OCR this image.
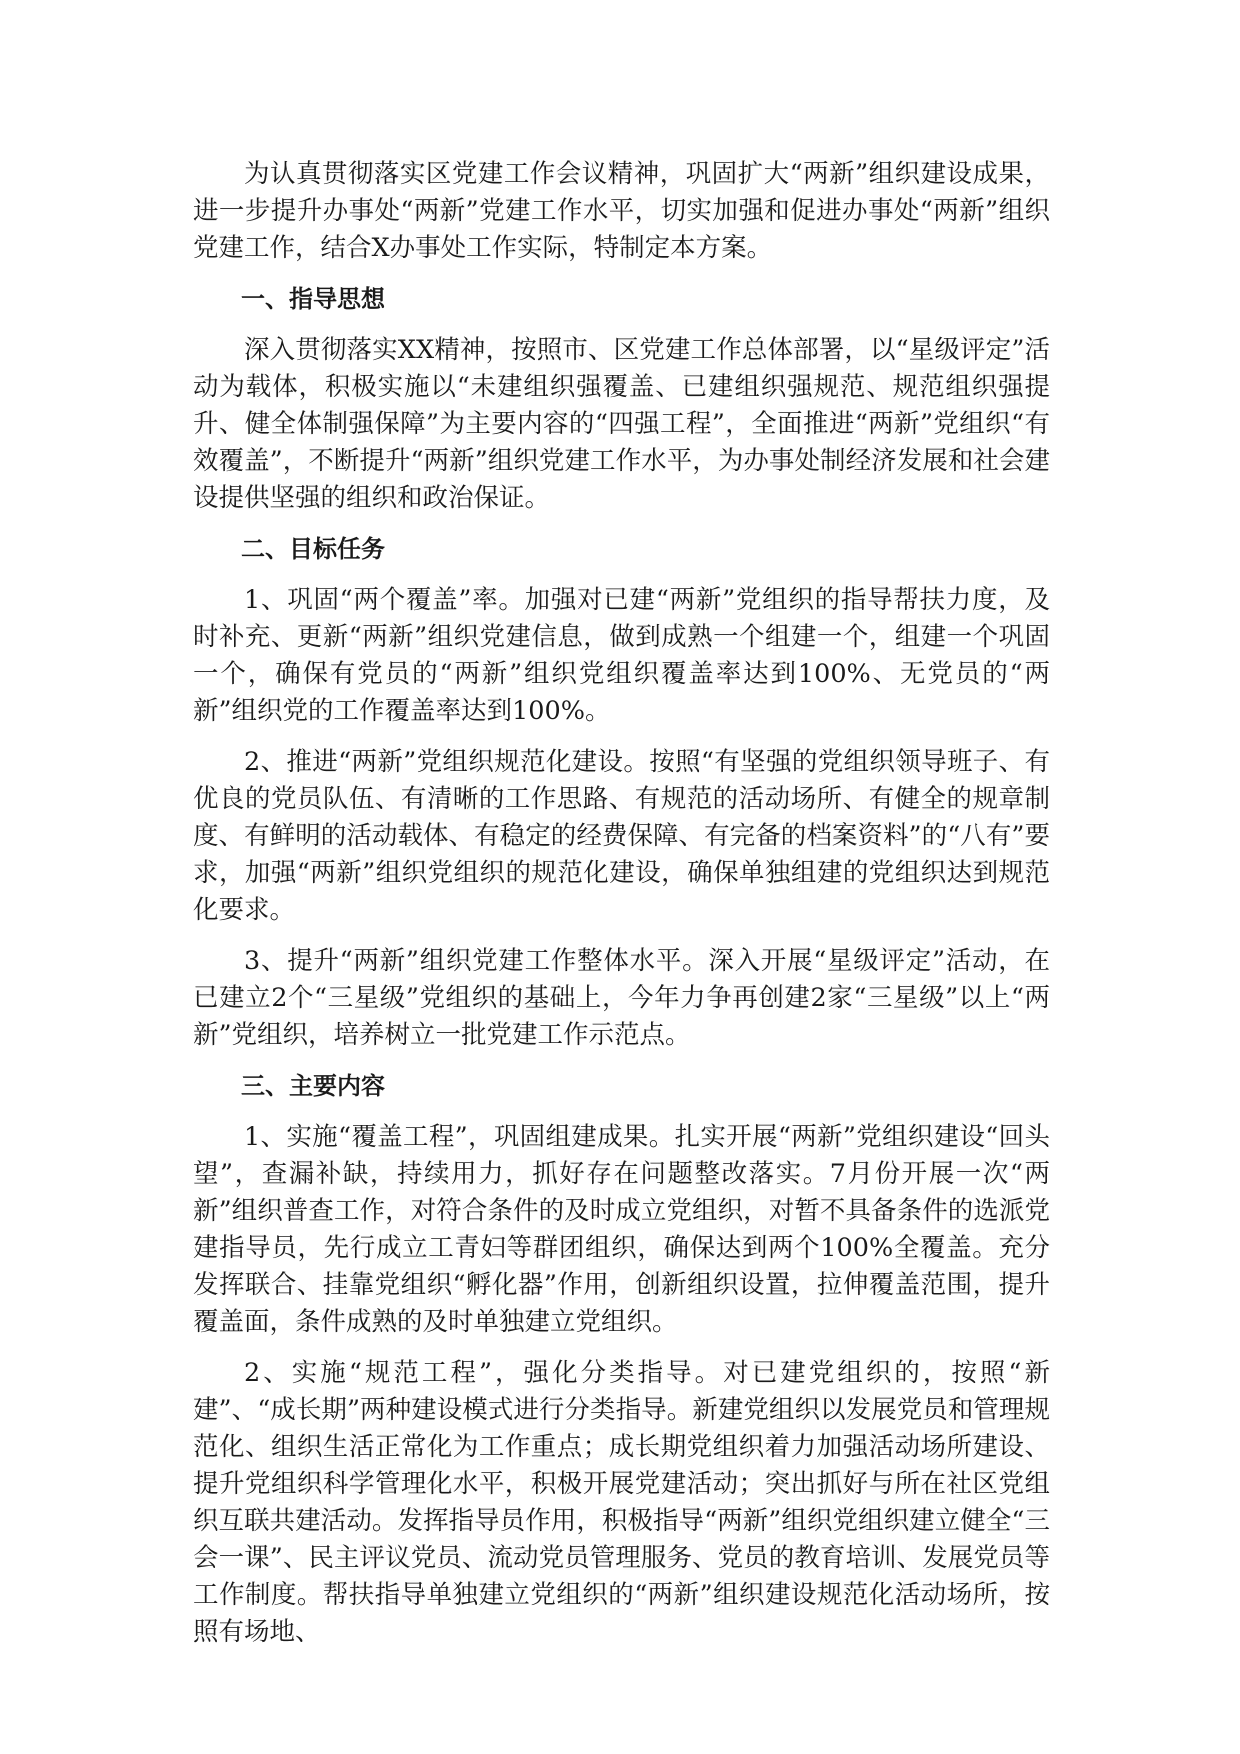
为认真贯彻落实区党建工作会议精神，巩固扩大“两新”组织建设成果，进一步提升办事处“两新”党建工作水平，切实加强和促进办事处“两新”组织党建工作，结合X办事处工作实际，特制定本方案。

一、指导思想

深入贯彻落实XX精神，按照市、区党建工作总体部署，以“星级评定”活动为载体，积极实施以“未建组织强覆盖、已建组织强规范、规范组织强提升、健全体制强保障”为主要内容的“四强工程”，全面推进“两新”党组织“有效覆盖”，不断提升“两新”组织党建工作水平，为办事处制经济发展和社会建设提供坚强的组织和政治保证。

二、目标任务

1、巩固“两个覆盖”率。加强对已建“两新”党组织的指导帮扶力度，及时补充、更新“两新”组织党建信息，做到成熟一个组建一个，组建一个巩固一个，确保有党员的“两新”组织党组织覆盖率达到100%、无党员的“两新”组织党的工作覆盖率达到100%。

2、推进“两新”党组织规范化建设。按照“有坚强的党组织领导班子、有优良的党员队伍、有清晰的工作思路、有规范的活动场所、有健全的规章制度、有鲜明的活动载体、有稳定的经费保障、有完备的档案资料”的“八有”要求，加强“两新”组织党组织的规范化建设，确保单独组建的党组织达到规范化要求。

3、提升“两新”组织党建工作整体水平。深入开展“星级评定”活动，在已建立2个“三星级”党组织的基础上，今年力争再创建2家“三星级”以上“两新”党组织，培养树立一批党建工作示范点。

三、主要内容

1、实施“覆盖工程”，巩固组建成果。扎实开展“两新”党组织建设“回头望”，查漏补缺，持续用力，抓好存在问题整改落实。7月份开展一次“两新”组织普查工作，对符合条件的及时成立党组织，对暂不具备条件的选派党建指导员，先行成立工青妇等群团组织，确保达到两个100%全覆盖。充分发挥联合、挂靠党组织“孵化器”作用，创新组织设置，拉伸覆盖范围，提升覆盖面，条件成熟的及时单独建立党组织。

2、实施“规范工程”，强化分类指导。对已建党组织的，按照“新建”、“成长期”两种建设模式进行分类指导。新建党组织以发展党员和管理规范化、组织生活正常化为工作重点；成长期党组织着力加强活动场所建设、提升党组织科学管理化水平，积极开展党建活动；突出抓好与所在社区党组织互联共建活动。发挥指导员作用，积极指导“两新”组织党组织建立健全“三会一课”、民主评议党员、流动党员管理服务、党员的教育培训、发展党员等工作制度。帮扶指导单独建立党组织的“两新”组织建设规范化活动场所，按照有场地、
